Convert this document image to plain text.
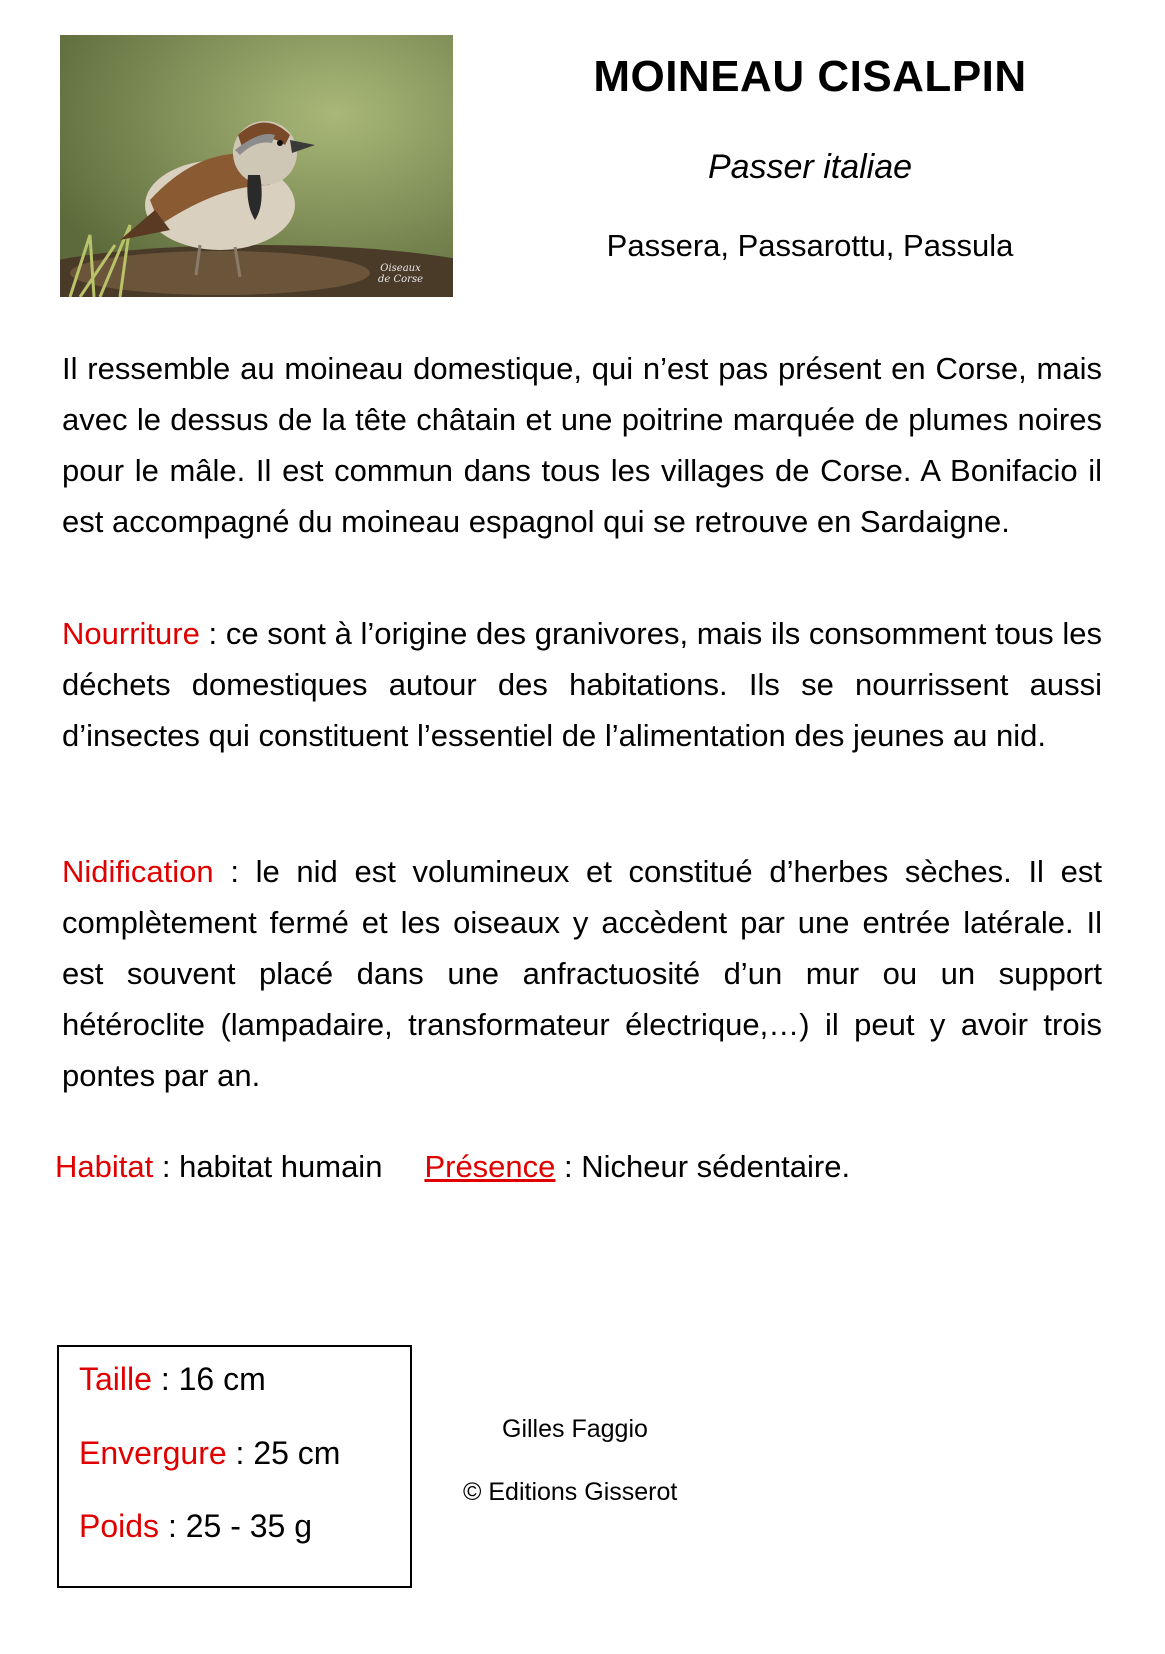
Oiseaux
de Corse
MOINEAU CISALPIN
Passer italiae
Passera, Passarottu, Passula
Il ressemble au moineau domestique, qui n’est pas présent en Corse, mais avec le dessus de la tête châtain et une poitrine marquée de plumes noires pour le mâle. Il est commun dans tous les villages de Corse. A Bonifacio il est accompagné du moineau espagnol qui se retrouve en Sardaigne.
Nourriture : ce sont à l’origine des granivores, mais ils consomment tous les déchets domestiques autour des habitations. Ils se nourrissent aussi d’insectes qui constituent l’essentiel de l’alimentation des jeunes au nid.
Nidification : le nid est volumineux et constitué d’herbes sèches. Il est complètement fermé et les oiseaux y accèdent par une entrée latérale. Il est souvent placé dans une anfractuosité d’un mur ou un support hétéroclite (lampadaire, transformateur électrique,…) il peut y avoir trois pontes par an.
Habitat : habitat humain Présence : Nicheur sédentaire.
Taille : 16 cm
Envergure : 25 cm
Poids : 25 - 35 g
Gilles Faggio
© Editions Gisserot
